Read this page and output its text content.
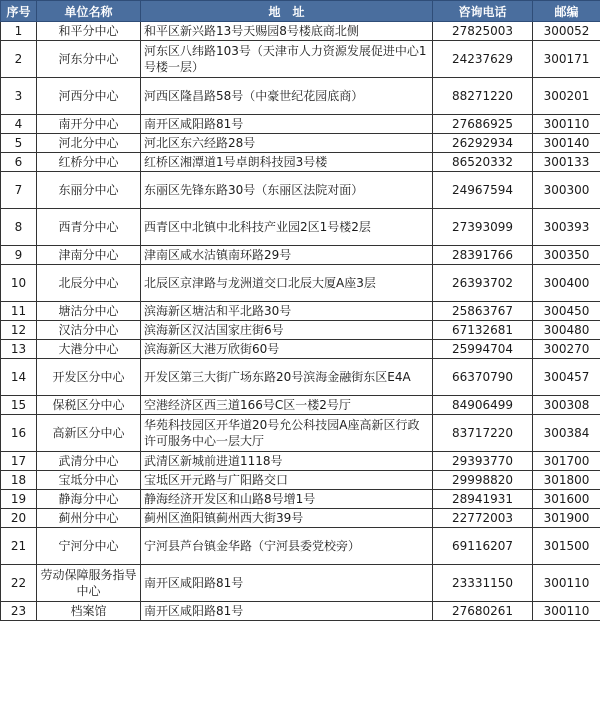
序号	单位名称	地　址	咨询电话	邮编
1	和平分中心	和平区新兴路13号天赐园8号楼底商北侧	27825003	300052
2	河东分中心	河东区八纬路103号（天津市人力资源发展促进中心1号楼一层）	24237629	300171
3	河西分中心	河西区隆昌路58号（中豪世纪花园底商）	88271220	300201
4	南开分中心	南开区咸阳路81号	27686925	300110
5	河北分中心	河北区东六经路28号	26292934	300140
6	红桥分中心	红桥区湘潭道1号卓朗科技园3号楼	86520332	300133
7	东丽分中心	东丽区先锋东路30号（东丽区法院对面）	24967594	300300
8	西青分中心	西青区中北镇中北科技产业园2区1号楼2层	27393099	300393
9	津南分中心	津南区咸水沽镇南环路29号	28391766	300350
10	北辰分中心	北辰区京津路与龙洲道交口北辰大厦A座3层	26393702	300400
11	塘沽分中心	滨海新区塘沽和平北路30号	25863767	300450
12	汉沽分中心	滨海新区汉沽国家庄街6号	67132681	300480
13	大港分中心	滨海新区大港万欣街60号	25994704	300270
14	开发区分中心	开发区第三大街广场东路20号滨海金融街东区E4A	66370790	300457
15	保税区分中心	空港经济区西三道166号C区一楼2号厅	84906499	300308
16	高新区分中心	华苑科技园区开华道20号允公科技园A座高新区行政许可服务中心一层大厅	83717220	300384
17	武清分中心	武清区新城前进道1118号	29393770	301700
18	宝坻分中心	宝坻区开元路与广阳路交口	29998820	301800
19	静海分中心	静海经济开发区和山路8号增1号	28941931	301600
20	蓟州分中心	蓟州区渔阳镇蓟州西大街39号	22772003	301900
21	宁河分中心	宁河县芦台镇金华路（宁河县委党校旁）	69116207	301500
22	劳动保障服务指导中心	南开区咸阳路81号	23331150	300110
23	档案馆	南开区咸阳路81号	27680261	300110
